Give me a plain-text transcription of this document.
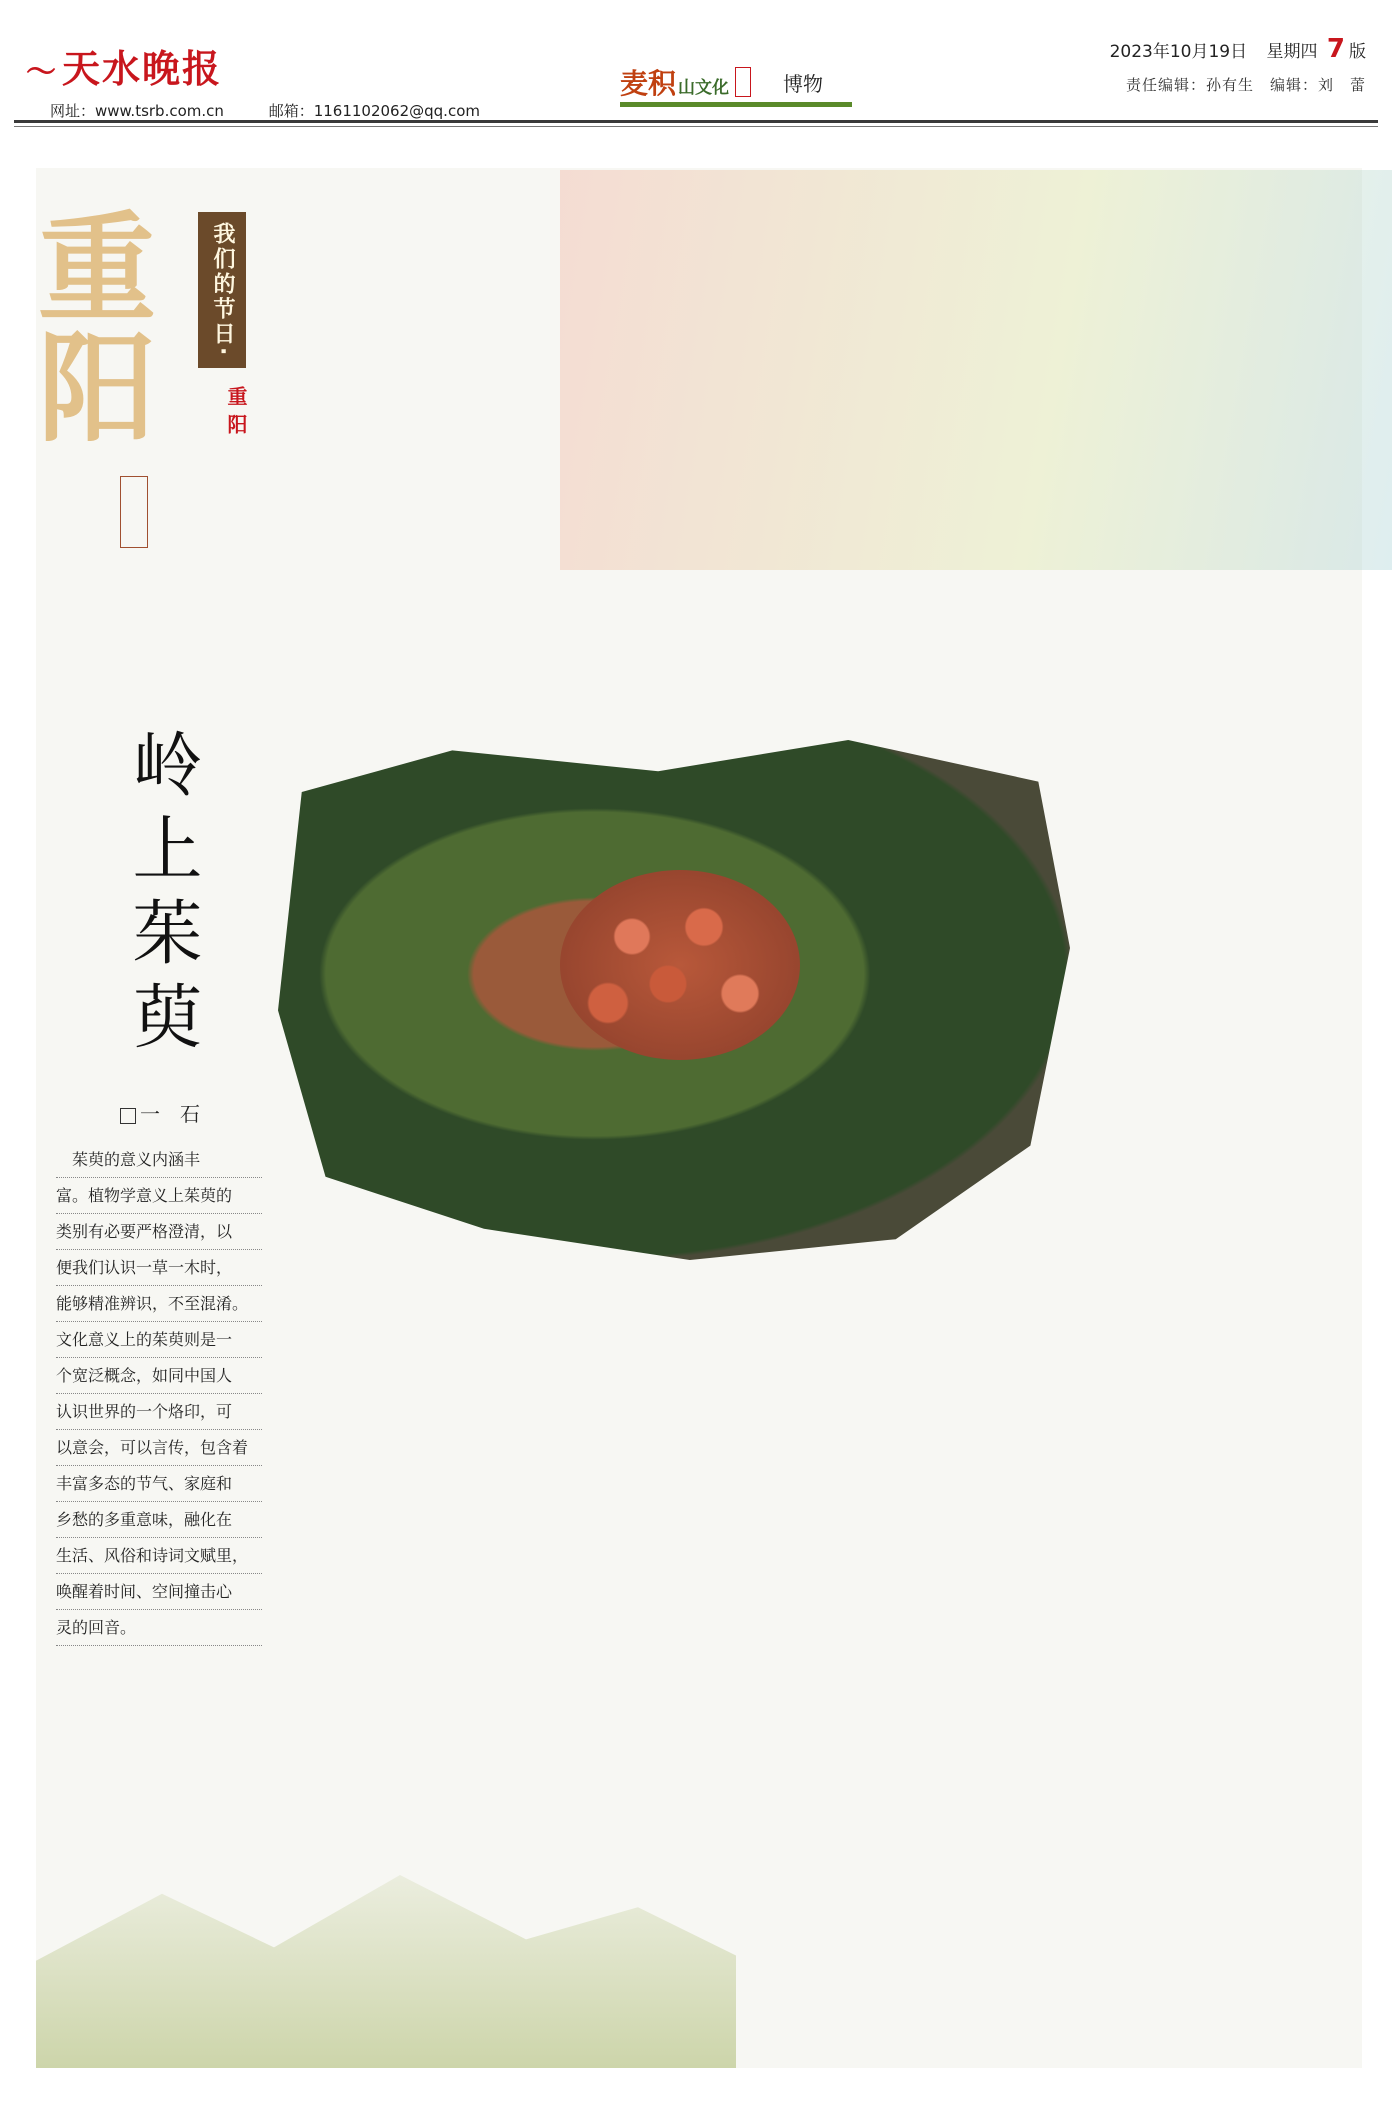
〜 天水晚报
网址：www.tsrb.com.cn	邮箱：1161102062@qq.com
麦积 山文化	博物
2023年10月19日 星期四 7 版
责任编辑：孙有生　编辑：刘　蕾
重
阳
我们的节日·
重阳
岭上茱萸
一　石
　茱萸的意义内涵丰
富。植物学意义上茱萸的
类别有必要严格澄清，以
便我们认识一草一木时，
能够精准辨识，不至混淆。
文化意义上的茱萸则是一
个宽泛概念，如同中国人
认识世界的一个烙印，可
以意会，可以言传，包含着
丰富多态的节气、家庭和
乡愁的多重意味，融化在
生活、风俗和诗词文赋里，
唤醒着时间、空间撞击心
灵的回音。
